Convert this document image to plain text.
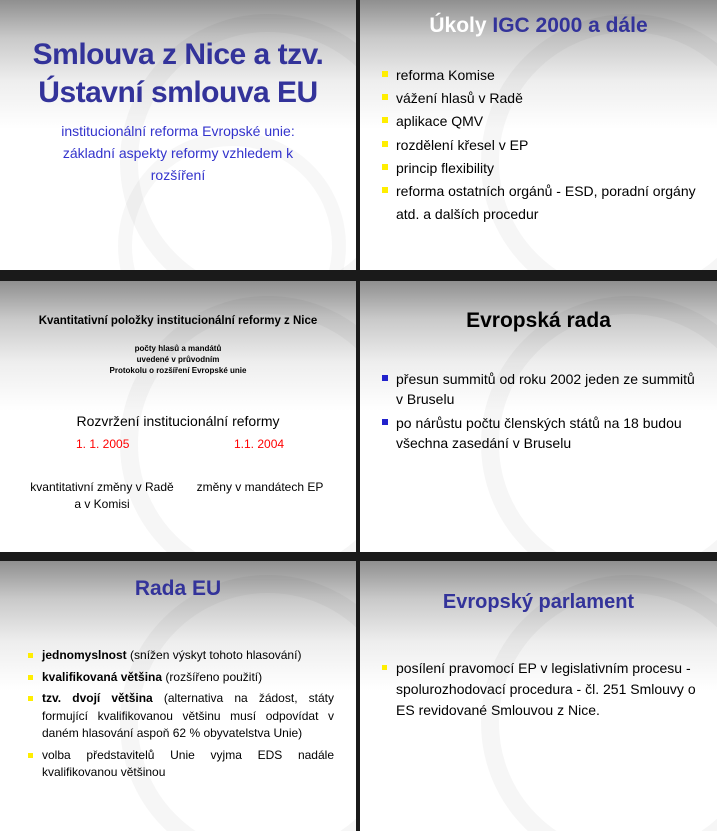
Smlouva z Nice a tzv.
Ústavní smlouva EU
institucionální reforma Evropské unie:
základní aspekty reformy vzhledem k
rozšíření
Úkoly IGC 2000 a dále
reforma Komise
vážení hlasů v Radě
aplikace QMV
rozdělení křesel v EP
princip flexibility
reforma ostatních orgánů - ESD, poradní orgány atd. a dalších procedur
Kvantitativní položky institucionální reformy z Nice
počty hlasů a mandátů
uvedené v průvodním
Protokolu o rozšíření Evropské unie
Rozvržení institucionální reformy
1. 1. 2005	1.1. 2004
kvantitativní změny v Radě a v Komisi
změny v mandátech EP
Evropská rada
přesun summitů od roku 2002 jeden ze summitů v Bruselu
po nárůstu počtu členských států na 18 budou všechna zasedání v Bruselu
Rada EU
jednomyslnost (snížen výskyt tohoto hlasování)
kvalifikovaná většina (rozšířeno použití)
tzv. dvojí většina (alternativa na žádost, státy formující kvalifikovanou většinu musí odpovídat v daném hlasování aspoň 62 % obyvatelstva Unie)
volba představitelů Unie vyjma EDS nadále kvalifikovanou většinou
Evropský parlament
posílení pravomocí EP v legislativním procesu - spolurozhodovací procedura - čl. 251 Smlouvy o ES revidované Smlouvou z Nice.
